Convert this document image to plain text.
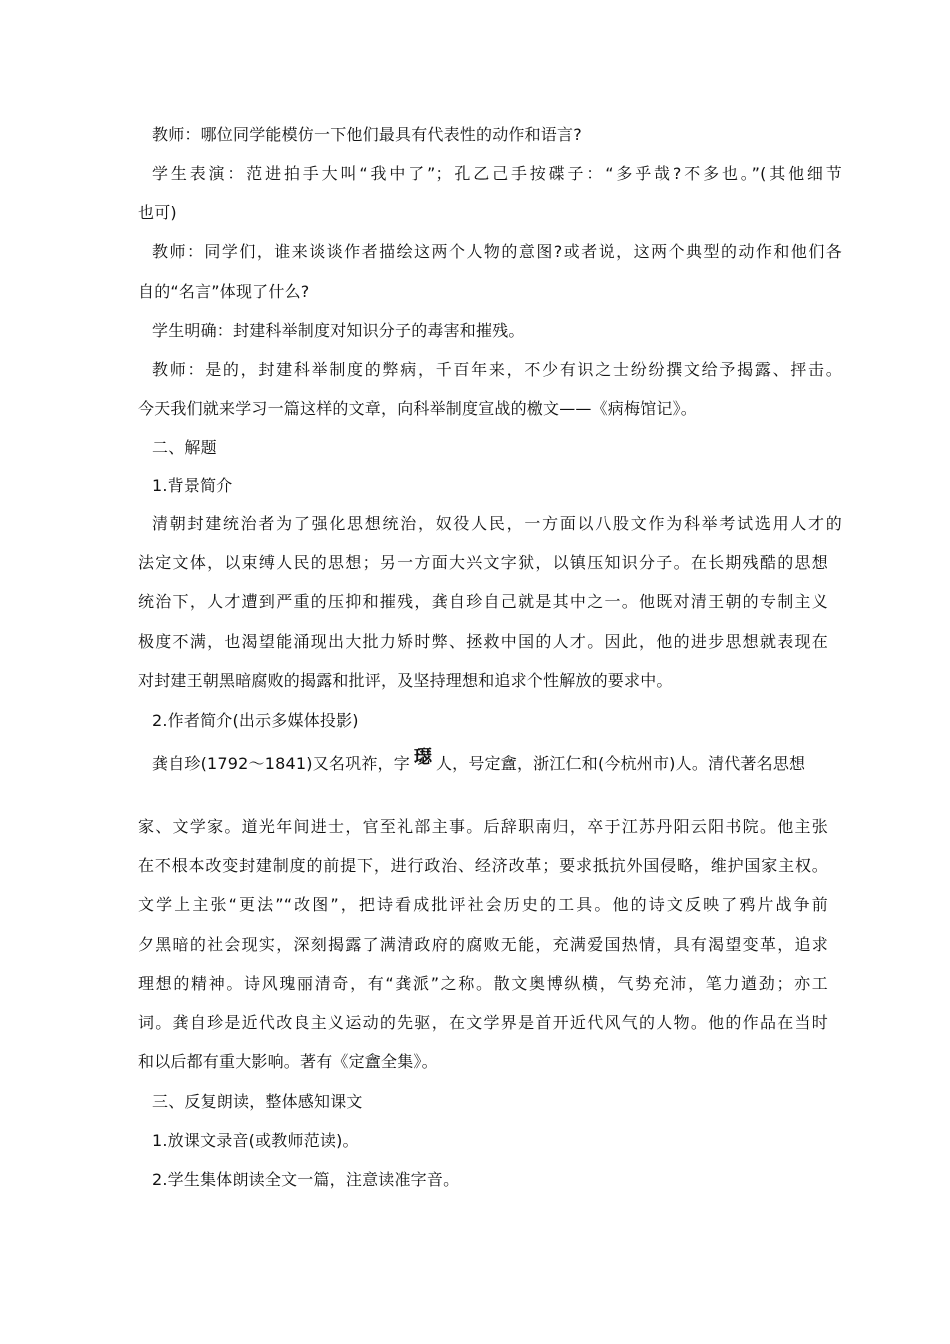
教师：哪位同学能模仿一下他们最具有代表性的动作和语言?
学生表演：范进拍手大叫“我中了”；孔乙己手按碟子：“多乎哉?不多也。”(其他细节
也可)
教师：同学们，谁来谈谈作者描绘这两个人物的意图?或者说，这两个典型的动作和他们各
自的“名言”体现了什么?
学生明确：封建科举制度对知识分子的毒害和摧残。
教师：是的，封建科举制度的弊病，千百年来，不少有识之士纷纷撰文给予揭露、抨击。
今天我们就来学习一篇这样的文章，向科举制度宣战的檄文——《病梅馆记》。
二、解题
1.背景简介
清朝封建统治者为了强化思想统治，奴役人民，一方面以八股文作为科举考试选用人才的
法定文体，以束缚人民的思想；另一方面大兴文字狱，以镇压知识分子。在长期残酷的思想
统治下，人才遭到严重的压抑和摧残，龚自珍自己就是其中之一。他既对清王朝的专制主义
极度不满，也渴望能涌现出大批力矫时弊、拯救中国的人才。因此，他的进步思想就表现在
对封建王朝黑暗腐败的揭露和批评，及坚持理想和追求个性解放的要求中。
2.作者简介(出示多媒体投影)
龚自珍(1792～1841)又名巩祚，字 璱 人，号定盦，浙江仁和(今杭州市)人。清代著名思想
家、文学家。道光年间进士，官至礼部主事。后辞职南归，卒于江苏丹阳云阳书院。他主张
在不根本改变封建制度的前提下，进行政治、经济改革；要求抵抗外国侵略，维护国家主权。
文学上主张“更法”“改图”，把诗看成批评社会历史的工具。他的诗文反映了鸦片战争前
夕黑暗的社会现实，深刻揭露了满清政府的腐败无能，充满爱国热情，具有渴望变革，追求
理想的精神。诗风瑰丽清奇，有“龚派”之称。散文奥博纵横，气势充沛，笔力遒劲；亦工
词。龚自珍是近代改良主义运动的先驱，在文学界是首开近代风气的人物。他的作品在当时
和以后都有重大影响。著有《定盦全集》。
三、反复朗读，整体感知课文
1.放课文录音(或教师范读)。
2.学生集体朗读全文一篇，注意读准字音。
